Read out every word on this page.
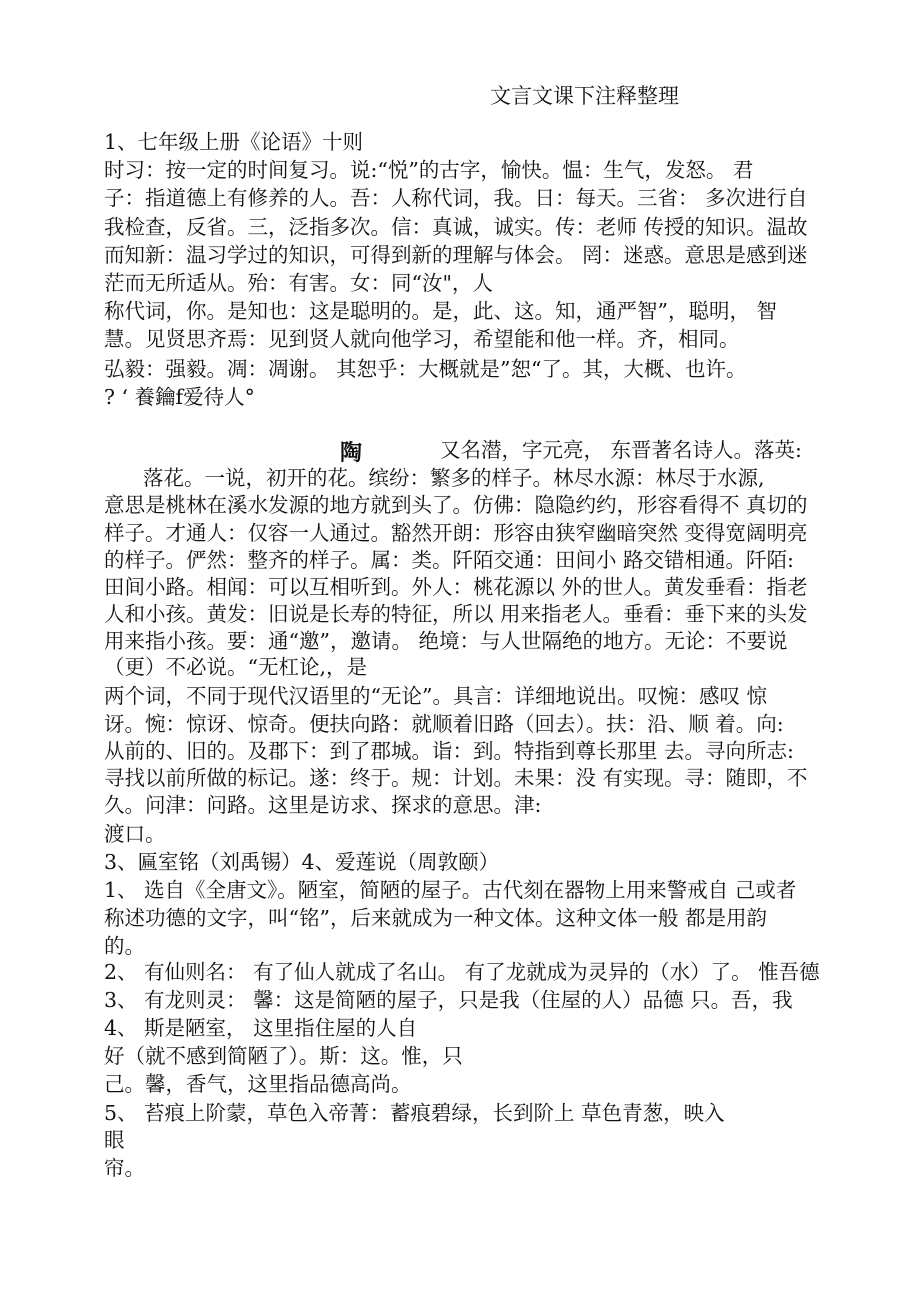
文言文课下注释整理
1、七年级上册《论语》十则
时习：按一定的时间复习。说:“悦”的古字，愉快。愠：生气，发怒。 君
子：指道德上有修养的人。吾：人称代词，我。日：每天。三省： 多次进行自
我检查，反省。三，泛指多次。信：真诚，诚实。传：老师 传授的知识。温故
而知新：温习学过的知识，可得到新的理解与体会。 罔：迷惑。意思是感到迷
茫而无所适从。殆：有害。女：同“汝"，人
称代词，你。是知也：这是聪明的。是，此、这。知，通严智”，聪明， 智
慧。见贤思齐焉：见到贤人就向他学习，希望能和他一样。齐，相同。
弘毅：强毅。凋：凋谢。 其恕乎：大概就是”恕“了。其，大概、也许。
? ‘ 養鑰f爱待人°
陶	又名潜，字元亮， 东晋著名诗人。落英:
落花。一说，初开的花。缤纷：繁多的样子。林尽水源：林尽于水源,
意思是桃林在溪水发源的地方就到头了。仿佛：隐隐约约，形容看得不 真切的
样子。才通人：仅容一人通过。豁然开朗：形容由狭窄幽暗突然 变得宽阔明亮
的样子。俨然：整齐的样子。属：类。阡陌交通：田间小 路交错相通。阡陌:
田间小路。相闻：可以互相听到。外人：桃花源以 外的世人。黄发垂看：指老
人和小孩。黄发：旧说是长寿的特征，所以 用来指老人。垂看：垂下来的头发
用来指小孩。要：通“邀”，邀请。 绝境：与人世隔绝的地方。无论：不要说
（更）不必说。“无杠论,，是
两个词，不同于现代汉语里的“无论”。具言：详细地说出。叹惋：感叹 惊
讶。惋：惊讶、惊奇。便扶向路：就顺着旧路（回去）。扶：沿、顺 着。向:
从前的、旧的。及郡下：到了郡城。诣：到。特指到尊长那里 去。寻向所志:
寻找以前所做的标记。遂：终于。规：计划。未果：没 有实现。寻：随即，不
久。问津：问路。这里是访求、探求的意思。津:
渡口。
3、匾室铭（刘禹锡）4、爱莲说（周敦颐）
1、 选自《全唐文》。陋室，简陋的屋子。古代刻在器物上用来警戒自 己或者
称述功德的文字，叫“铭”，后来就成为一种文体。这种文体一般 都是用韵
的。
2、 有仙则名： 有了仙人就成了名山。 有了龙就成为灵异的（水）了。 惟吾德
3、 有龙则灵： 馨：这是简陋的屋子，只是我（住屋的人）品德 只。吾，我
4、 斯是陋室， 这里指住屋的人自
好（就不感到简陋了）。斯：这。惟，只
己。馨，香气，这里指品德高尚。
5、 苔痕上阶蒙，草色入帝菁：蓄痕碧绿，长到阶上 草色青葱，映入
眼
帘。
